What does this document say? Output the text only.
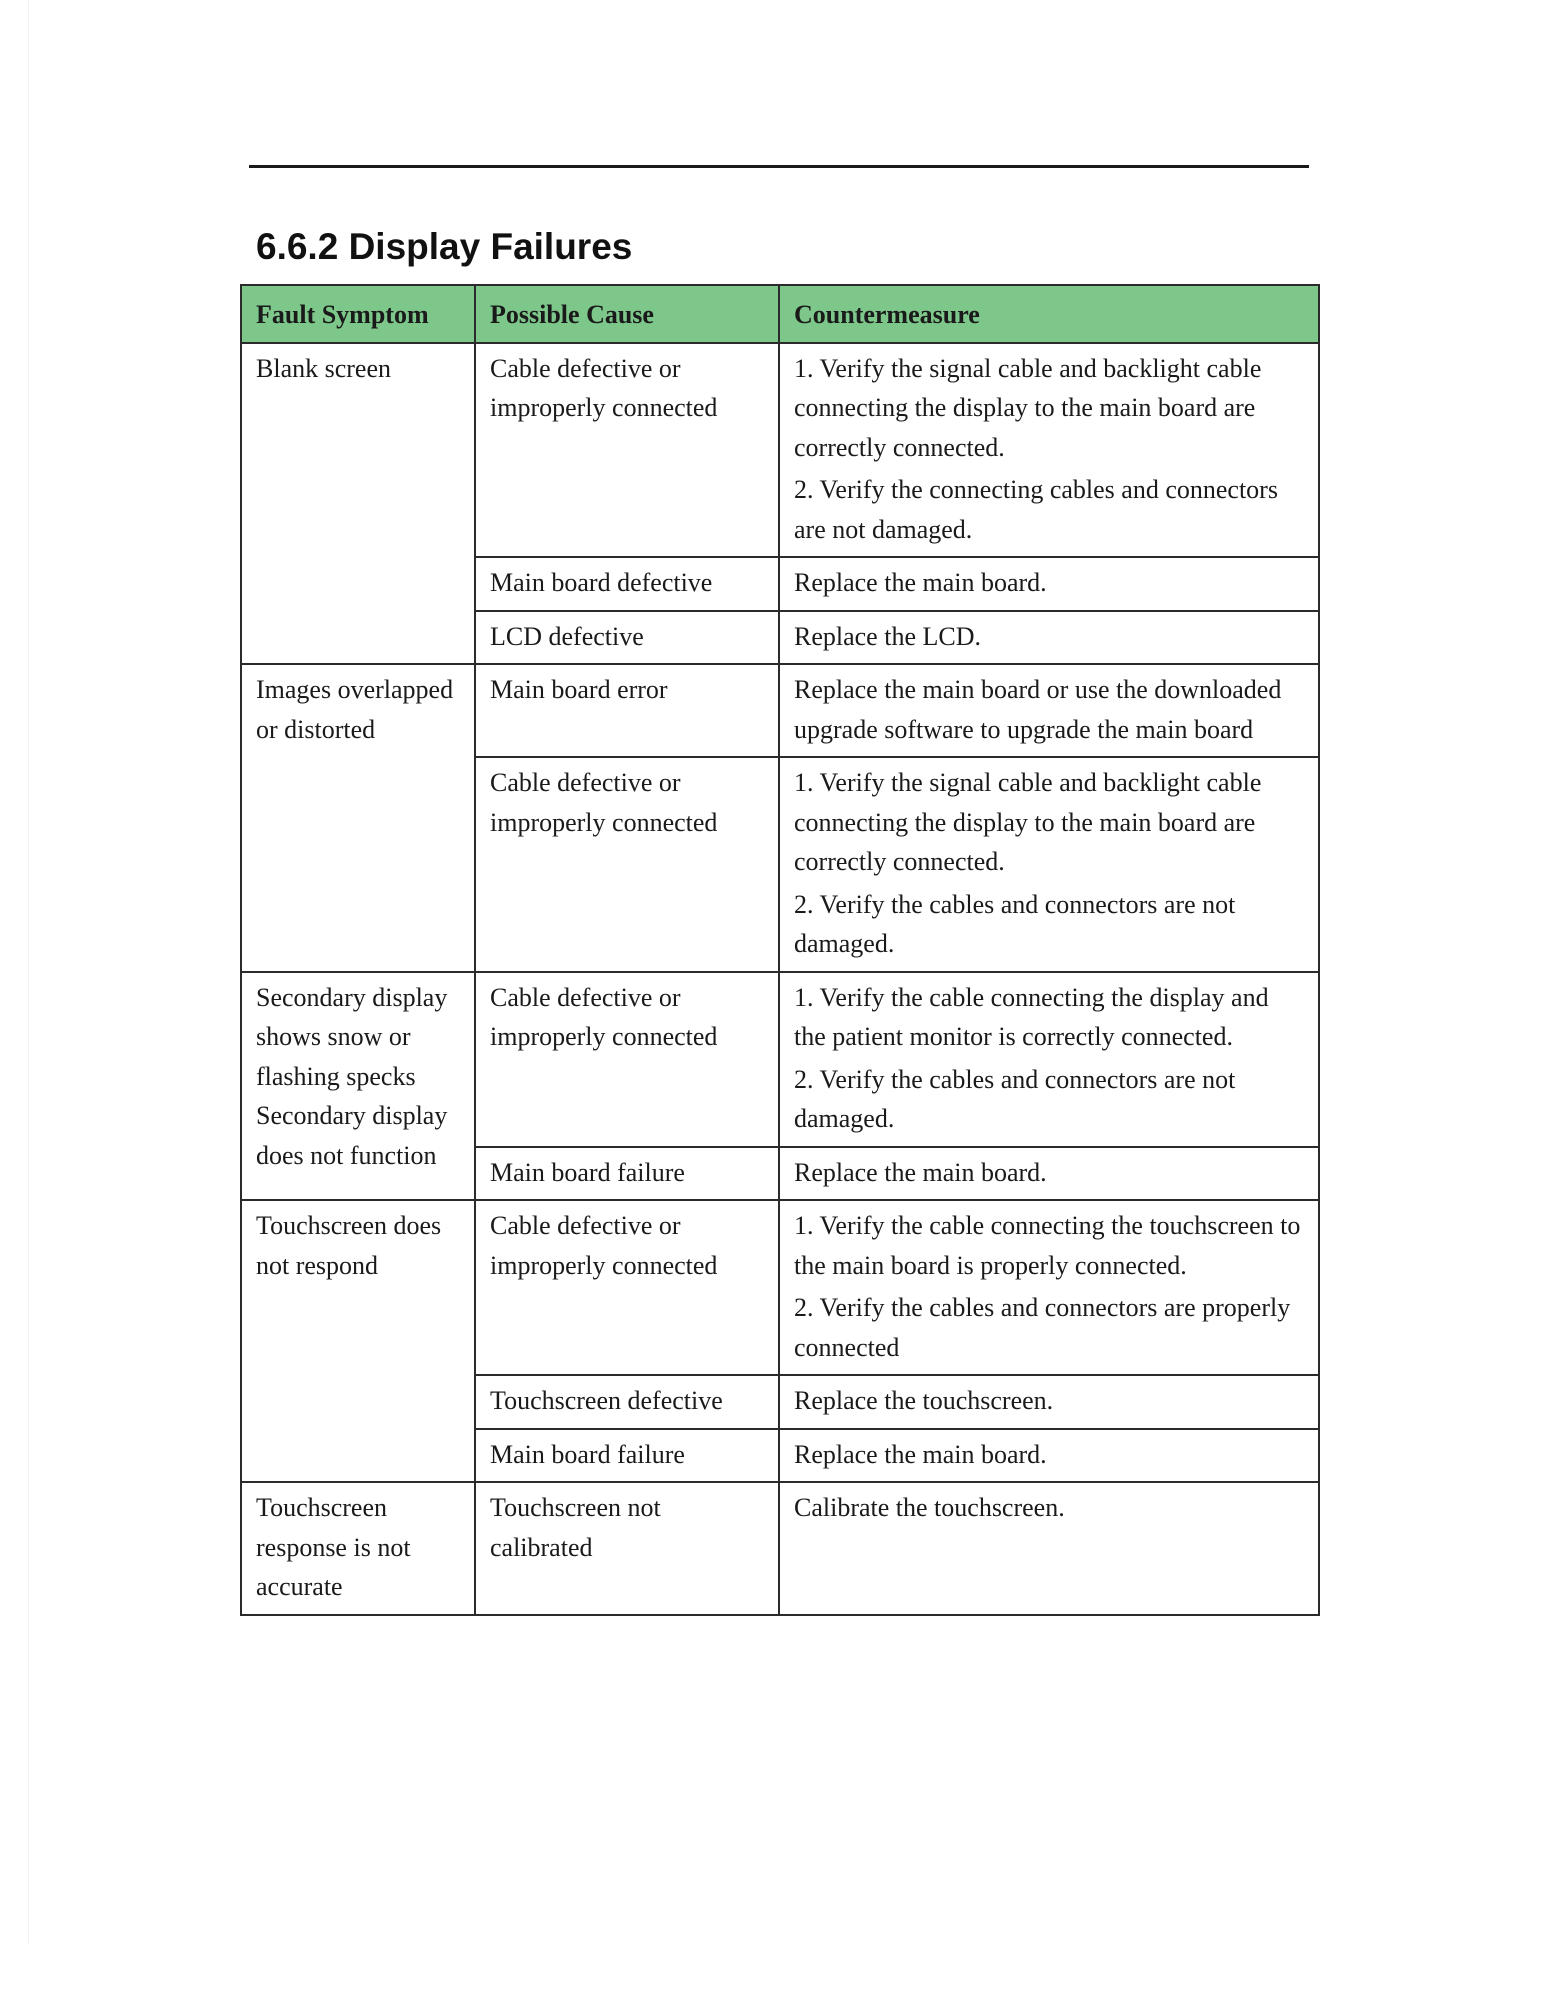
6.6.2 Display Failures
Fault Symptom	Possible Cause	Countermeasure
Blank screen	Cable defective or improperly connected	1. Verify the signal cable and backlight cable connecting the display to the main board are correctly connected.
2. Verify the connecting cables and connectors are not damaged.

	Main board defective	Replace the main board.

	LCD defective	Replace the LCD.

Images overlapped or distorted	Main board error	Replace the main board or use the downloaded upgrade software to upgrade the main board

	Cable defective or improperly connected	1. Verify the signal cable and backlight cable connecting the display to the main board are correctly connected.
2. Verify the cables and connectors are not damaged.

Secondary display shows snow or flashing specks Secondary display does not function	Cable defective or improperly connected	1. Verify the cable connecting the display and the patient monitor is correctly connected.
2. Verify the cables and connectors are not damaged.

	Main board failure	Replace the main board.

Touchscreen does not respond	Cable defective or improperly connected	1. Verify the cable connecting the touchscreen to the main board is properly connected.
2. Verify the cables and connectors are properly connected

	Touchscreen defective	Replace the touchscreen.

	Main board failure	Replace the main board.

Touchscreen response is not accurate	Touchscreen not calibrated	Calibrate the touchscreen.
